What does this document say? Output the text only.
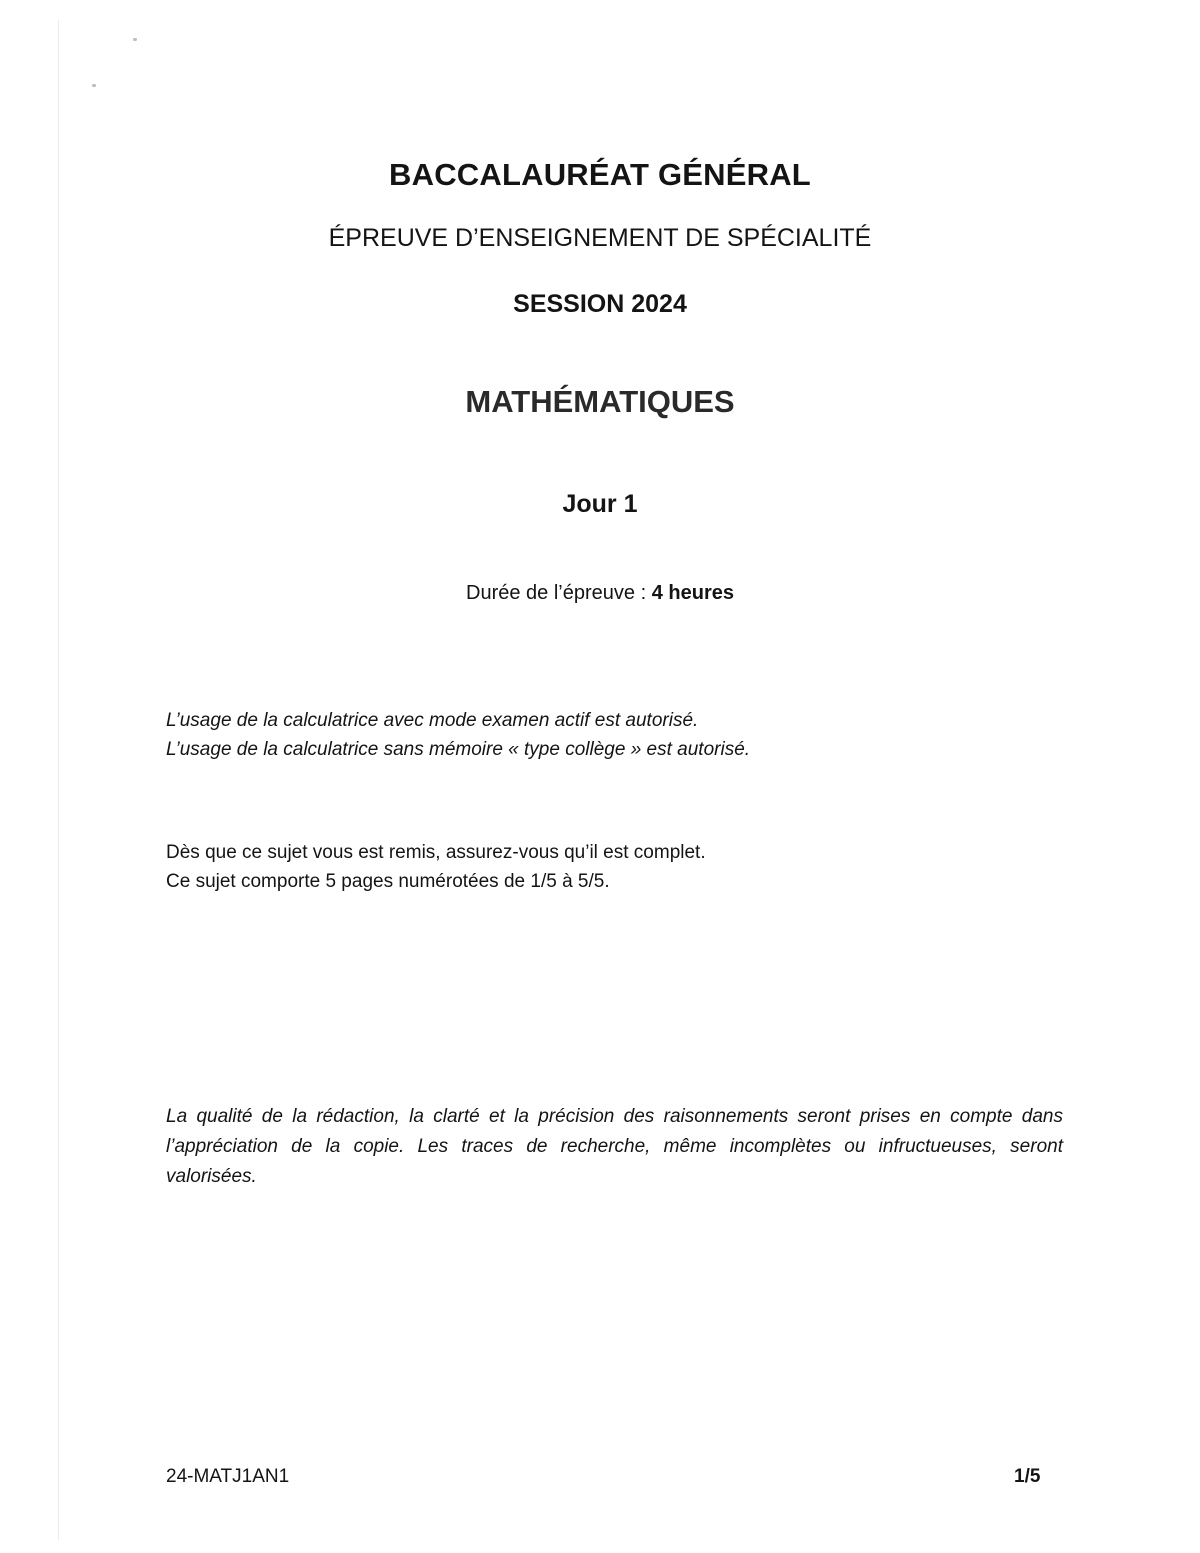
BACCALAURÉAT GÉNÉRAL
ÉPREUVE D’ENSEIGNEMENT DE SPÉCIALITÉ
SESSION 2024
MATHÉMATIQUES
Jour 1
Durée de l’épreuve : 4 heures
L’usage de la calculatrice avec mode examen actif est autorisé.
L’usage de la calculatrice sans mémoire « type collège » est autorisé.
Dès que ce sujet vous est remis, assurez-vous qu’il est complet.
Ce sujet comporte 5 pages numérotées de 1/5 à 5/5.
La qualité de la rédaction, la clarté et la précision des raisonnements seront prises en compte dans l’appréciation de la copie. Les traces de recherche, même incomplètes ou infructueuses, seront valorisées.
24-MATJ1AN1	1/5
